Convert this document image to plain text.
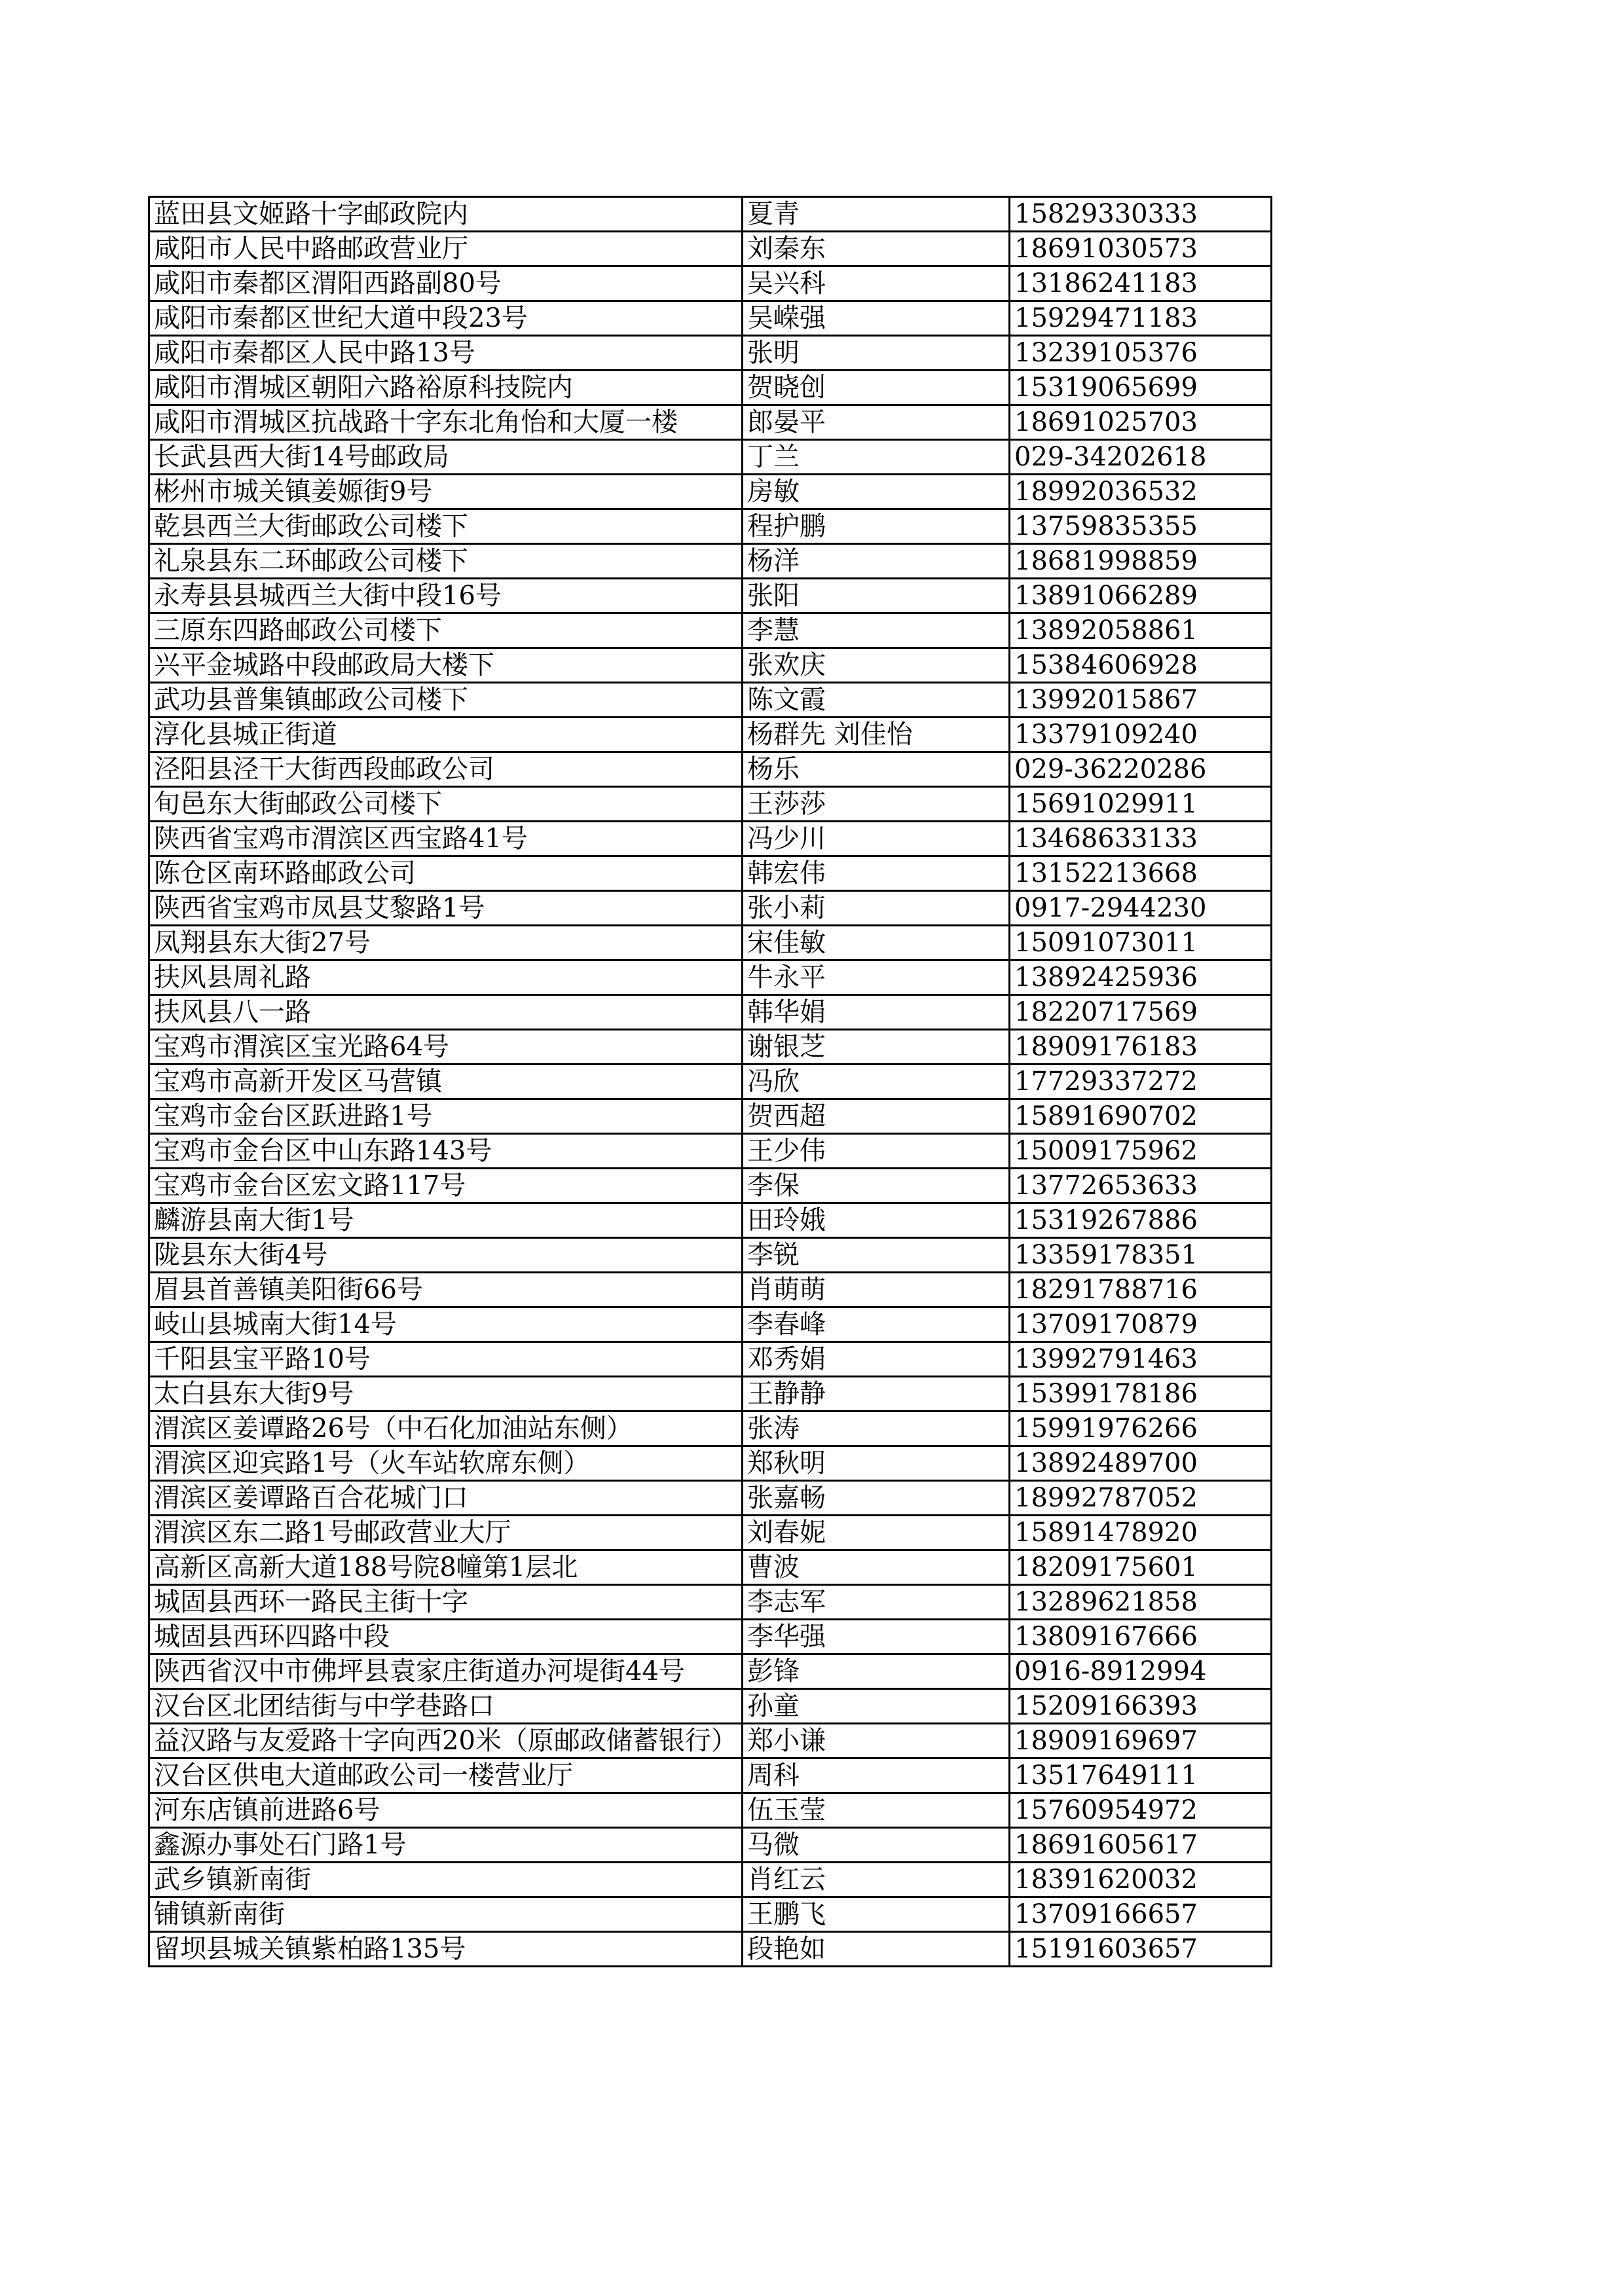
蓝田县文姬路十字邮政院内	夏青	15829330333
咸阳市人民中路邮政营业厅	刘秦东	18691030573
咸阳市秦都区渭阳西路副80号	吴兴科	13186241183
咸阳市秦都区世纪大道中段23号	吴嵘强	15929471183
咸阳市秦都区人民中路13号	张明	13239105376
咸阳市渭城区朝阳六路裕原科技院内	贺晓创	15319065699
咸阳市渭城区抗战路十字东北角怡和大厦一楼	郎晏平	18691025703
长武县西大街14号邮政局	丁兰	029-34202618
彬州市城关镇姜嫄街9号	房敏	18992036532
乾县西兰大街邮政公司楼下	程护鹏	13759835355
礼泉县东二环邮政公司楼下	杨洋	18681998859
永寿县县城西兰大街中段16号	张阳	13891066289
三原东四路邮政公司楼下	李慧	13892058861
兴平金城路中段邮政局大楼下	张欢庆	15384606928
武功县普集镇邮政公司楼下	陈文霞	13992015867
淳化县城正街道	杨群先 刘佳怡	13379109240
泾阳县泾干大街西段邮政公司	杨乐	029-36220286
旬邑东大街邮政公司楼下	王莎莎	15691029911
陕西省宝鸡市渭滨区西宝路41号	冯少川	13468633133
陈仓区南环路邮政公司	韩宏伟	13152213668
陕西省宝鸡市凤县艾黎路1号	张小莉	0917-2944230
凤翔县东大街27号	宋佳敏	15091073011
扶风县周礼路	牛永平	13892425936
扶风县八一路	韩华娟	18220717569
宝鸡市渭滨区宝光路64号	谢银芝	18909176183
宝鸡市高新开发区马营镇	冯欣	17729337272
宝鸡市金台区跃进路1号	贺西超	15891690702
宝鸡市金台区中山东路143号	王少伟	15009175962
宝鸡市金台区宏文路117号	李保	13772653633
麟游县南大街1号	田玲娥	15319267886
陇县东大街4号	李锐	13359178351
眉县首善镇美阳街66号	肖萌萌	18291788716
岐山县城南大街14号	李春峰	13709170879
千阳县宝平路10号	邓秀娟	13992791463
太白县东大街9号	王静静	15399178186
渭滨区姜谭路26号（中石化加油站东侧）	张涛	15991976266
渭滨区迎宾路1号（火车站软席东侧）	郑秋明	13892489700
渭滨区姜谭路百合花城门口	张嘉畅	18992787052
渭滨区东二路1号邮政营业大厅	刘春妮	15891478920
高新区高新大道188号院8幢第1层北	曹波	18209175601
城固县西环一路民主街十字	李志军	13289621858
城固县西环四路中段	李华强	13809167666
陕西省汉中市佛坪县袁家庄街道办河堤街44号	彭锋	0916-8912994
汉台区北团结街与中学巷路口	孙童	15209166393
益汉路与友爱路十字向西20米（原邮政储蓄银行）	郑小谦	18909169697
汉台区供电大道邮政公司一楼营业厅	周科	13517649111
河东店镇前进路6号	伍玉莹	15760954972
鑫源办事处石门路1号	马微	18691605617
武乡镇新南街	肖红云	18391620032
铺镇新南街	王鹏飞	13709166657
留坝县城关镇紫柏路135号	段艳如	15191603657
